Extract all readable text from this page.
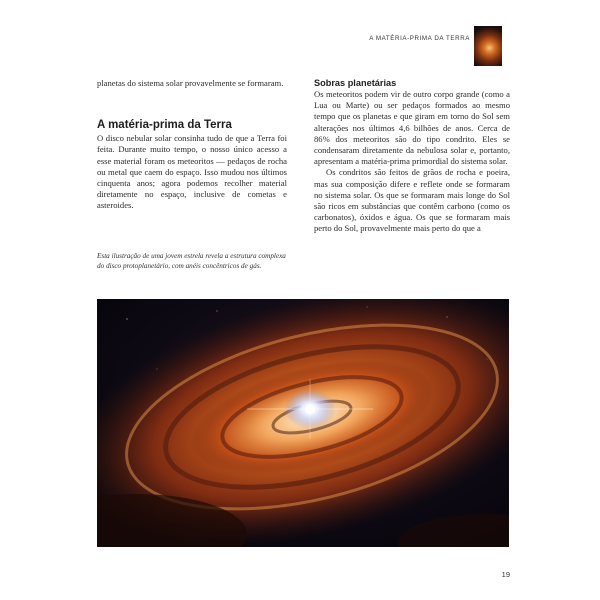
A MATÉRIA-PRIMA DA TERRA

planetas do sistema solar provavelmente se formaram.

A matéria-prima da Terra

O disco nebular solar consinha tudo de que a Terra foi feita. Durante muito tempo, o nosso único acesso a esse material foram os meteoritos — pedaços de rocha ou metal que caem do espaço. Isso mudou nos últimos cinquenta anos; agora podemos recolher material diretamente no espaço, inclusive de cometas e asteroides.

Esta ilustração de uma jovem estrela revela a estrutura complexa do disco protoplanetário, com anéis concêntricos de gás.
Sobras planetárias

Os meteoritos podem vir de outro corpo grande (como a Lua ou Marte) ou ser pedaços formados ao mesmo tempo que os planetas e que giram em torno do Sol sem alterações nos últimos 4,6 bilhões de anos. Cerca de 86% dos meteoritos são do tipo condrito. Eles se condensaram diretamente da nebulosa solar e, portanto, apresentam a matéria-prima primordial do sistema solar.

Os condritos são feitos de grãos de rocha e poeira, mas sua composição difere e reflete onde se formaram no sistema solar. Os que se formaram mais longe do Sol são ricos em substâncias que contêm carbono (como os carbonatos), óxidos e água. Os que se formaram mais perto do Sol, provavelmente mais perto do que a

19
